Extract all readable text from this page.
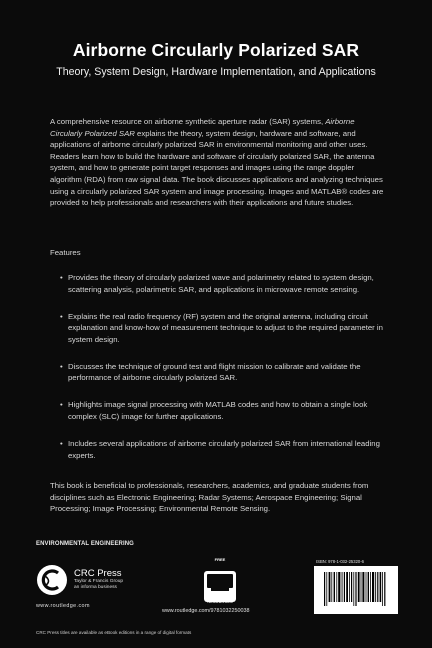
Airborne Circularly Polarized SAR
Theory, System Design, Hardware Implementation, and Applications

A comprehensive resource on airborne synthetic aperture radar (SAR) systems, Airborne Circularly Polarized SAR explains the theory, system design, hardware and software, and applications of airborne circularly polarized SAR in environmental monitoring and other uses. Readers learn how to build the hardware and software of circularly polarized SAR, the antenna system, and how to generate point target responses and images using the range doppler algorithm (RDA) from raw signal data. The book discusses applications and analyzing techniques using a circularly polarized SAR system and image processing. Images and MATLAB® codes are provided to help professionals and researchers with their applications and future studies.

Features

• Provides the theory of circularly polarized wave and polarimetry related to system design, scattering analysis, polarimetric SAR, and applications in microwave remote sensing.
• Explains the real radio frequency (RF) system and the original antenna, including circuit explanation and know-how of measurement technique to adjust to the required parameter in system design.
• Discusses the technique of ground test and flight mission to calibrate and validate the performance of airborne circularly polarized SAR.
• Highlights image signal processing with MATLAB codes and how to obtain a single look complex (SLC) image for further applications.
• Includes several applications of airborne circularly polarized SAR from international leading experts.

This book is beneficial to professionals, researchers, academics, and graduate students from disciplines such as Electronic Engineering; Radar Systems; Aerospace Engineering; Signal Processing; Image Processing; Environmental Remote Sensing.

ENVIRONMENTAL ENGINEERING
CRC Press
Taylor & Francis Group
an informa business
www.routledge.com
FREE
INSTRUCTOR
& STUDENT
RESOURCES
www.routledge.com/9781032250038
ISBN: 978-1-032-25320-6
CRC Press titles are available as eBook editions in a range of digital formats
